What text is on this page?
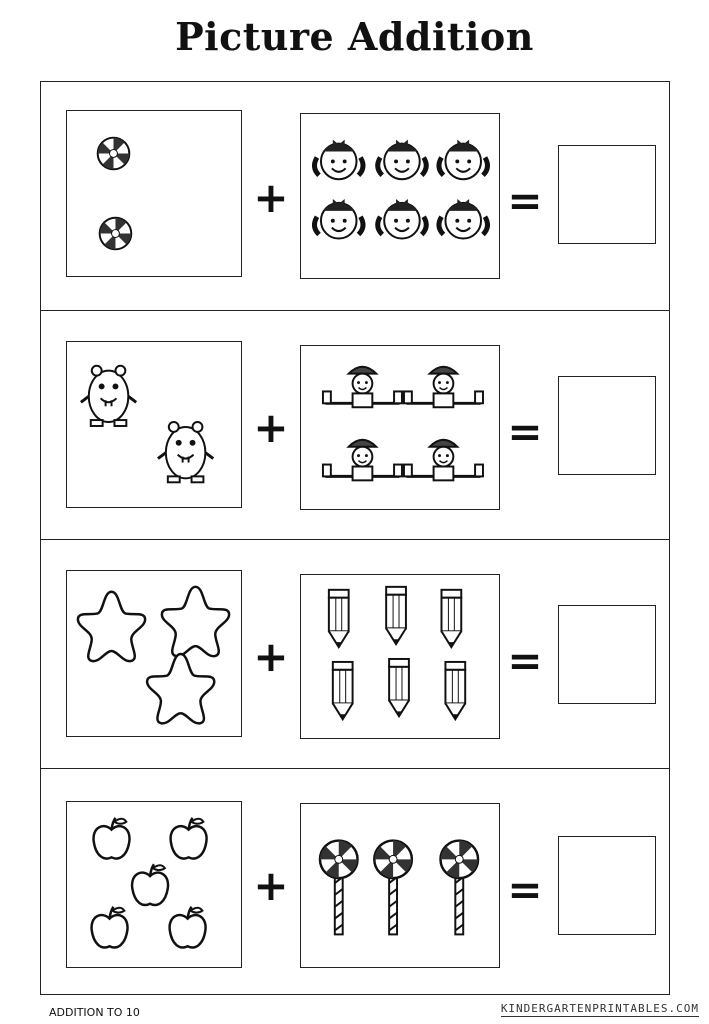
Picture Addition
+	=
+	=
+	=
+	=
ADDITION TO 10	KINDERGARTENPRINTABLES.COM
